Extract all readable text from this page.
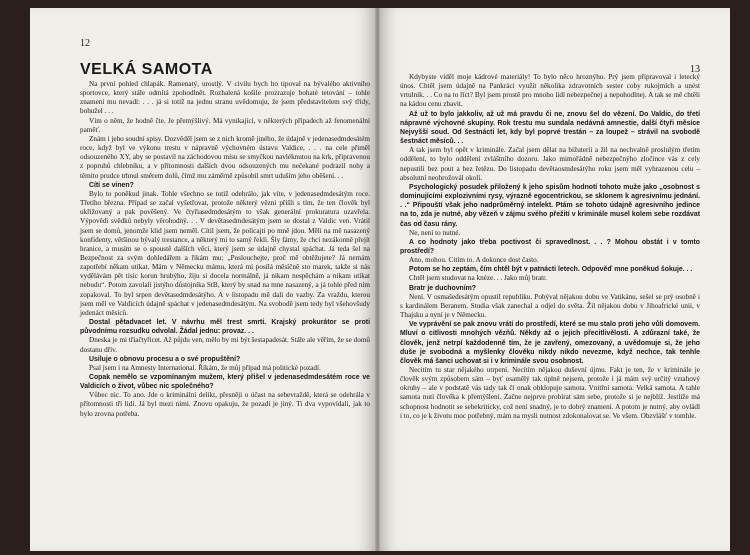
12
VELKÁ SAMOTA

Na první pohled chlapák. Ramenatý, urostlý. V civilu bych ho tipoval na bývalého aktivního sportovce, který stále odmítá zpohodlnět. Rozhalená košile prozrazuje bohaté tetování – tohle znamení mu nevadí: . . . já si totiž na jednu stranu uvědomuju, že jsem představitelem svý třídy, bohužel . . .

Vím o něm, že hodně čte. Je přemýšlivý. Má vynikající, v některých případech až fenomenální paměť.

Znám i jeho soudní spisy. Dozvěděl jsem se z nich kromě jiného, že údajně v jedenasedmdesátém roce, když byl ve výkonu trestu v nápravně výchovném ústavu Valdice, . . . na cele přiměl odsouzeného XY, aby se postavil na záchodovou mísu se smyčkou navléknutou na krk, připravenou z popruhů chlebníku, a v přítomnosti dalších dvou odsouzených mu nečekané podrazil nohy a těmito prudce trhnul směrem dolů, čímž mu záměrně způsobil smrt uduším jeho oběšení. . .

Cítí se vinen?

Bylo to poněkud jinak. Tohle všechno se totiž odehrálo, jak víte, v jedenasedmdesátým roce. Třetího března. Případ se začal vyšetřovat, protože některý vězni přišli s tím, že ten člověk byl ukřižovaný a pak pověšený. Ve čtyřiasedmdesátým to však generální prokuratura uzavřela. Výpovědi svědků nebyly věrohodný. . . V devětasedmdesátým jsem se dostal z Valdic ven. Vrátil jsem se domů, jenomže klid jsem neměl. Cítil jsem, že policajti po mně jdou. Měli na mě nasazený konfidenty, většinou bývalý trestance, a některý mi to samý řekli. Šly fámy, že chci nezákonně přejít hranice, a musím se o spoustě dalších věcí, který jsem se údajně chystal spáchat. Já teda šel na Bezpečnost za svým dohledářem a řikám mu: „Poslouchejte, proč mě obtěžujete? Já nemám zapotřebí někam utíkat. Mám v Německu mámu, která mi posílá měsíčně sto marek, takže si nás vydělávám pět tisíc korun hrubýho, žiju si docela normálně, já nikam nespěchám a nikam utíkat nebudu“. Potom zavolali jistýho důstojníka StB, který by snad na mne nasazený, a já tohle před ním zopakoval. To byl srpen devětasedmdesátýho. A v listopadu mě dali do vazby. Za vraždu, kterou jsem měl ve Valdicích údajně spáchat v jedenasedmdesátým. Na svobodě jsem tedy byl všehovšudy jedenáct měsíců.

Dostal pětadvacet let. V návrhu měl trest smrti. Krajský prokurátor se proti původnímu rozsudku odvolal. Žádal jednu: provaz. . .

Dneska je mi třiačtyřicet. Až půjdu ven, mělo by mi být šestapadesát. Stále ale věřím, že se domů dostanu dřív.

Usiluje o obnovu procesu a o své propuštění?

Psal jsem i na Amnesty International. Říkám, že můj případ má politické pozadí.

Copak nemělo se vzpomínaným mužem, který přišel v jedenasedmdesátém roce ve Valdicích o život, vůbec nic společného?

Vůbec nic. To ano. Jde o kriminální delikt, přesněji o účast na sebevraždě, která se odehrála v přítomnosti tří lidí. Já byl mezi nimi. Znovu opakuju, že pozadí je jiný. Ti dva vypovídali, jak to bylo zrovna potřeba.

13

Kdybyste viděl moje kádrové materiály! To bylo něco hroznýho. Prý jsem připravoval i letecký únos. Chtěl jsem údajně na Pankráci využít několika zdravotních sester coby rukojmích a unést vrtulník. . . Co na to říct? Byl jsem prostě pro mnoho lidí nebezpečnej a nepohodlnej. A tak se mě chtěli na kádou cenu zbavit.

Až už to bylo jakkoliv, až už má pravdu či ne, znovu šel do vězení. Do Valdic, do třetí nápravné výchovné skupiny. Rok trestu mu sundala nedávná amnestie, další čtyři měsíce Nejvyšší soud. Od šestnácti let, kdy byl poprvé trestán – za loupež – strávil na svobodě šestnáct měsíců. . .

A tak jsem byl opět v kriminále. Začal jsem dělat na bižuterii a žil na nechvalně proslulým třetím oddělení, to bylo oddělení zvláštního dozoru. Jako mimořádně nebezpečnýho zločince vás z cely nepustili bez pout a bez řetězu. Do listopadu devětaosmdesátýho roku jsem měl vyhrazenou celu – absolutní neohrožovál okolí.

Psychologický posudek přiložený k jeho spisům hodnotí tohoto muže jako „osobnost s dominujícími explozivními rysy, výrazně egocentrickou, se sklonem k agresivnímu jednání. . .“ Připouští však jeho nadprůměrný intelekt. Ptám se tohoto údajně agresivního jedince na to, zda je nutné, aby vězeň v zájmu svého přežití v kriminále musel kolem sebe rozdávat čas od času rány.

Ne, není to nutné.

A co hodnoty jako třeba poctivost či spravedlnost. . . ? Mohou obstát i v tomto prostředí?

Ano, mohou. Citím to. A dokonce dost často.

Potom se ho zeptám, čím chtěl být v patnácti letech. Odpověď mne poněkud šokuje. . .

Chtěl jsem studovat na knéze. . . Jako můj bratr.

Bratr je duchovním?

Není. V osmašedesátým opustil republiku. Pobýval nějakou dobu ve Vatikánu, sešel se prý osobně i s kardinálem Beranem. Studia však zanechal a odjel do světa. Žil nějakou dobu v Jihoafrické unii, v Thajsku a nyní je v Německu.

Ve vyprávění se pak znovu vrátí do prostředí, které se mu stalo proti jeho vůli domovem. Mluví o citlivosti mnohých vězňů. Někdy až o jejich přecitlivělosti. A zdůrazní také, že člověk, jenž netrpí každodenně tím, že je zavřený, omezovaný, a uvědomuje si, že jeho duše je svobodná a myšlenky člověku nikdy nikdo nevezme, když nechce, tak tenhle člověk má šanci uchovat si i v kriminále svou osobnost.

Necítím tu star nějakého utrpení. Necítím nějakou duševní újmu. Fakt je ten, že v kriminále je člověk svým způsobem sám – byť osamělý tak úplně nejsem, protože i já mám svý určitý vztahový okruhy – ale v podstatě vás tady tak či onak obklopuje samota. Vnitřní samota. Velká samota. A tahle samota nutí člověka k přemýšlení. Začne nejprve probírat sám sebe, protože si je nejblíž. Jestliže má schopnost hodnotit se sebekriticky, což není snadný, je to dobrý znamení. A potom je nutný, aby ovládl i to, co je k životu moc potřebný, mám na mysli nutnost zdokonalovat se. Ve všem. Obzvlášť v tomhle.
